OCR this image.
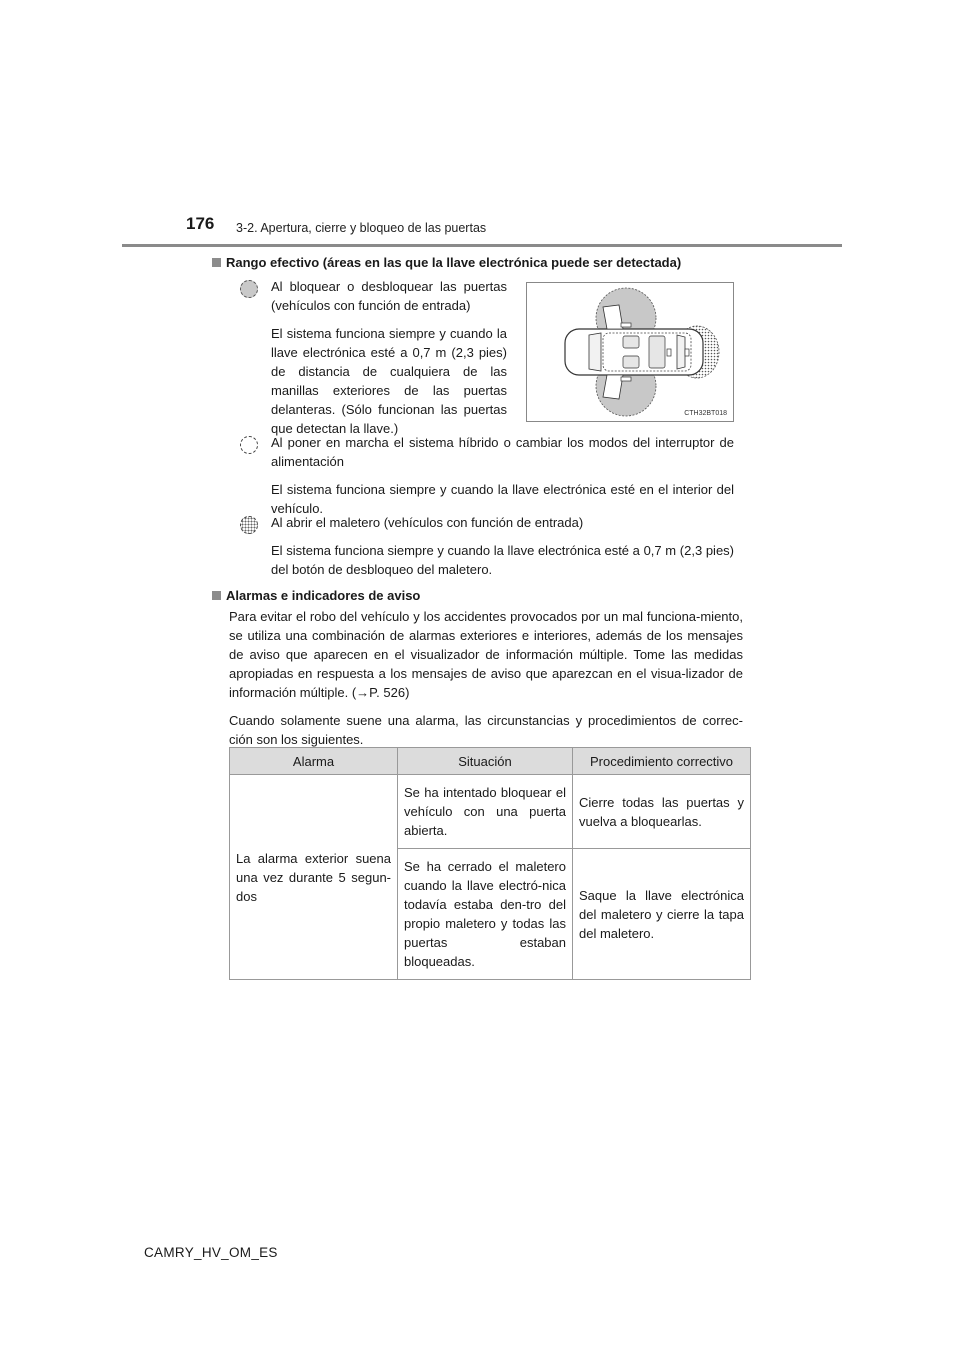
176 3-2. Apertura, cierre y bloqueo de las puertas
Rango efectivo (áreas en las que la llave electrónica puede ser detectada)

Al bloquear o desbloquear las puertas (vehículos con función de entrada)

El sistema funciona siempre y cuando la llave electrónica esté a 0,7 m (2,3 pies) de distancia de cualquiera de las manillas exteriores de las puertas delanteras. (Sólo funcionan las puertas que detectan la llave.)

CTH32BT018

Al poner en marcha el sistema híbrido o cambiar los modos del interruptor de alimentación

El sistema funciona siempre y cuando la llave electrónica esté en el interior del vehículo.

Al abrir el maletero (vehículos con función de entrada)

El sistema funciona siempre y cuando la llave electrónica esté a 0,7 m (2,3 pies) del botón de desbloqueo del maletero.

Alarmas e indicadores de aviso

Para evitar el robo del vehículo y los accidentes provocados por un mal funciona-miento, se utiliza una combinación de alarmas exteriores e interiores, además de los mensajes de aviso que aparecen en el visualizador de información múltiple. Tome las medidas apropiadas en respuesta a los mensajes de aviso que aparezcan en el visua-lizador de información múltiple. (→P. 526)

Cuando solamente suene una alarma, las circunstancias y procedimientos de correc-ción son los siguientes.

Alarma	Situación	Procedimiento correctivo
La alarma exterior suena una vez durante 5 segun-dos	Se ha intentado bloquear el vehículo con una puerta abierta.	Cierre todas las puertas y vuelva a bloquearlas.
	Se ha cerrado el maletero cuando la llave electró-nica todavía estaba den-tro del propio maletero y todas las puertas estaban bloqueadas.	Saque la llave electrónica del maletero y cierre la tapa del maletero.
CAMRY_HV_OM_ES
